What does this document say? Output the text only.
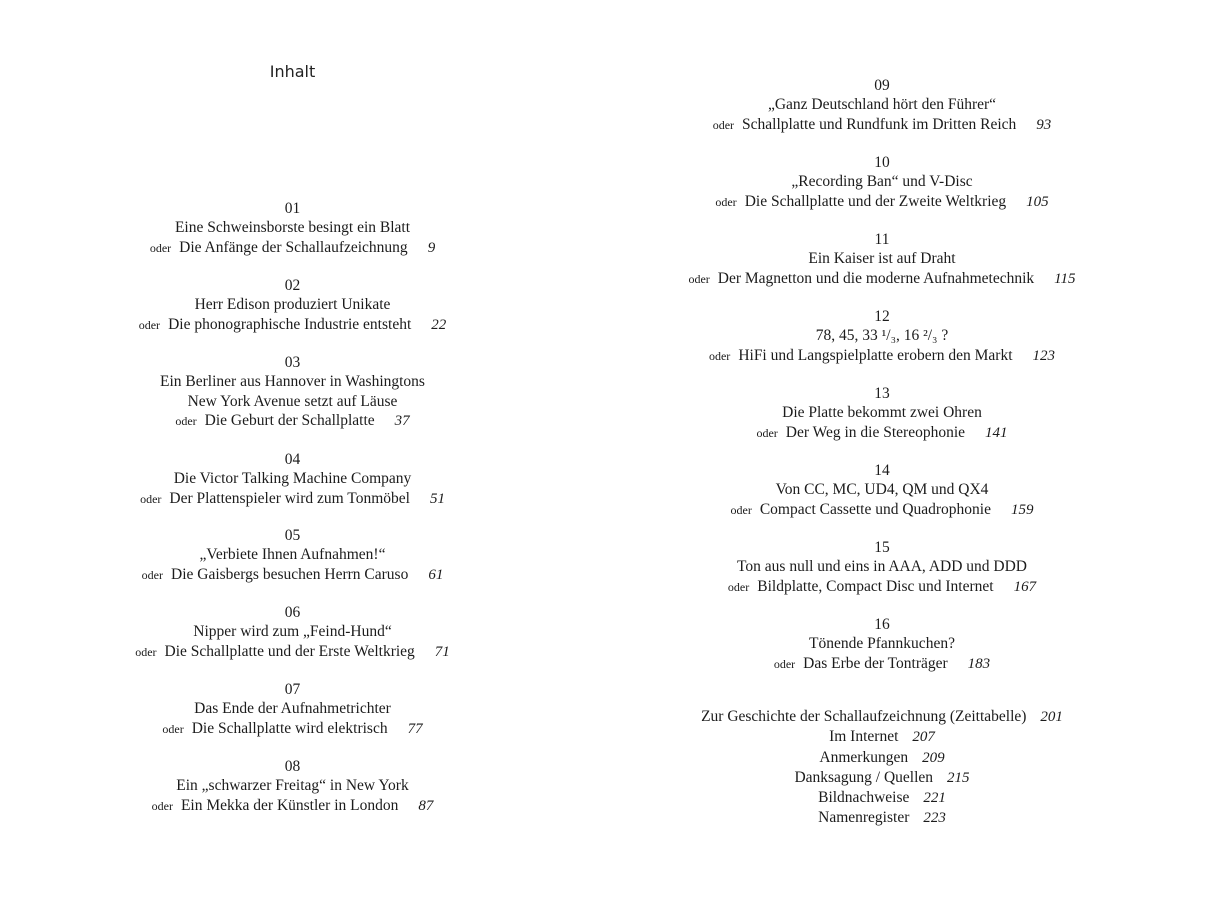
Inhalt
01
Eine Schweinsborste besingt ein Blatt
oder Die Anfänge der Schallaufzeichnung 9
02
Herr Edison produziert Unikate
oder Die phonographische Industrie entsteht 22
03
Ein Berliner aus Hannover in Washingtons
New York Avenue setzt auf Läuse
oder Die Geburt der Schallplatte 37
04
Die Victor Talking Machine Company
oder Der Plattenspieler wird zum Tonmöbel 51
05
„Verbiete Ihnen Aufnahmen!“
oder Die Gaisbergs besuchen Herrn Caruso 61
06
Nipper wird zum „Feind-Hund“
oder Die Schallplatte und der Erste Weltkrieg 71
07
Das Ende der Aufnahmetrichter
oder Die Schallplatte wird elektrisch 77
08
Ein „schwarzer Freitag“ in New York
oder Ein Mekka der Künstler in London 87
09
„Ganz Deutschland hört den Führer“
oder Schallplatte und Rundfunk im Dritten Reich 93
10
„Recording Ban“ und V-Disc
oder Die Schallplatte und der Zweite Weltkrieg 105
11
Ein Kaiser ist auf Draht
oder Der Magnetton und die moderne Aufnahmetechnik 115
12
78, 45, 33 ¹/₃, 16 ²/₃ ?
oder HiFi und Langspielplatte erobern den Markt 123
13
Die Platte bekommt zwei Ohren
oder Der Weg in die Stereophonie 141
14
Von CC, MC, UD4, QM und QX4
oder Compact Cassette und Quadrophonie 159
15
Ton aus null und eins in AAA, ADD und DDD
oder Bildplatte, Compact Disc und Internet 167
16
Tönende Pfannkuchen?
oder Das Erbe der Tonträger 183
Zur Geschichte der Schallaufzeichnung (Zeittabelle) 201
Im Internet 207
Anmerkungen 209
Danksagung / Quellen 215
Bildnachweise 221
Namenregister 223
